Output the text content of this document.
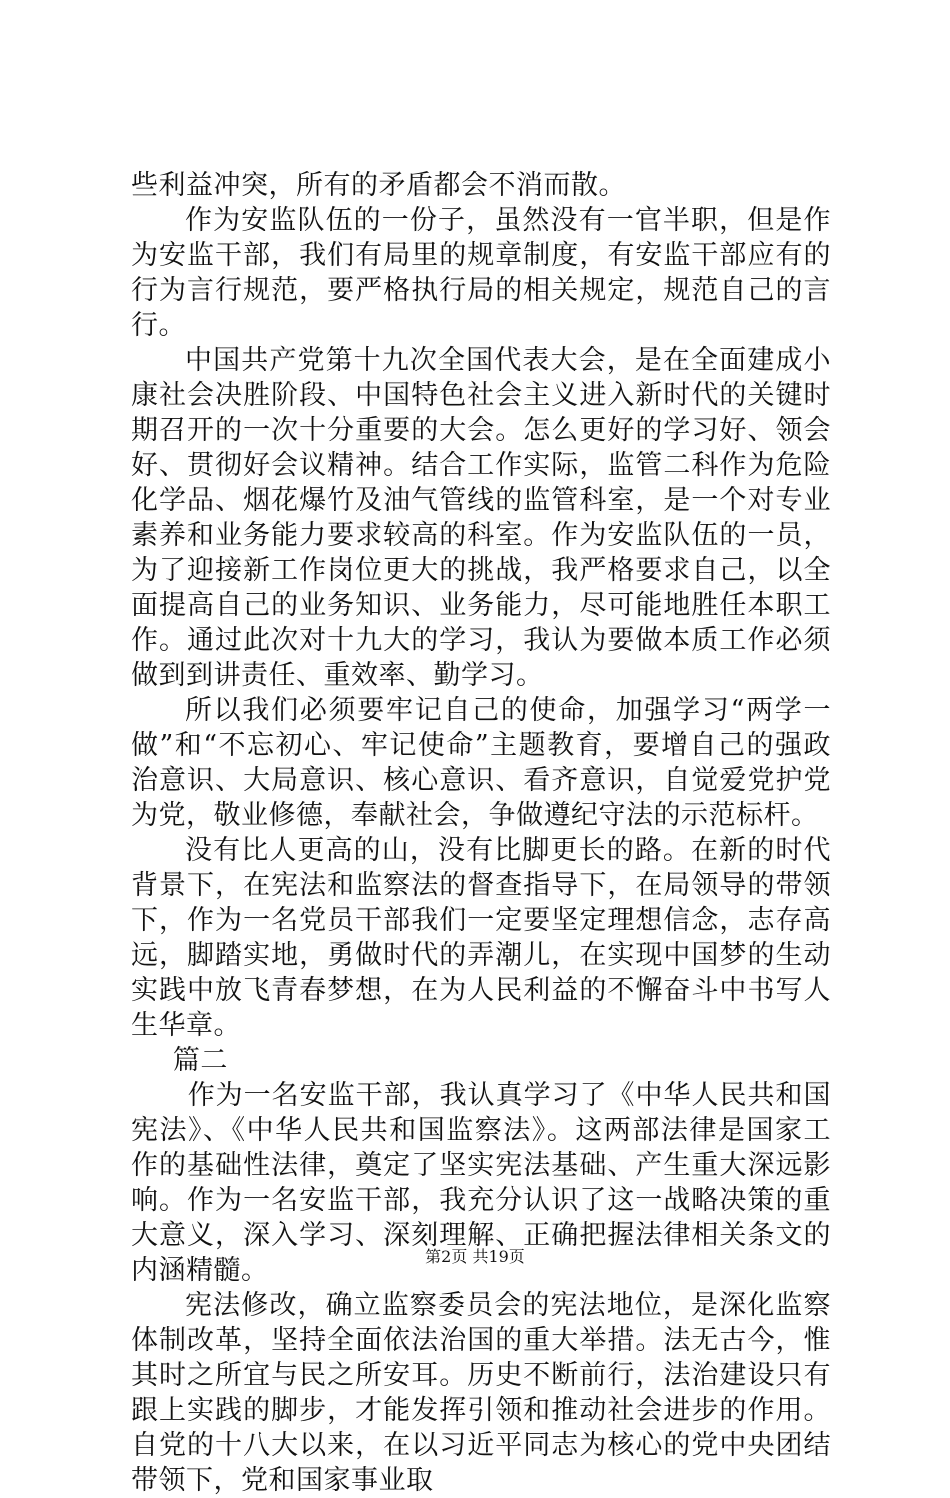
些利益冲突，所有的矛盾都会不消而散。

作为安监队伍的一份子，虽然没有一官半职，但是作为安监干部，我们有局里的规章制度，有安监干部应有的行为言行规范，要严格执行局的相关规定，规范自己的言行。

中国共产党第十九次全国代表大会，是在全面建成小康社会决胜阶段、中国特色社会主义进入新时代的关键时期召开的一次十分重要的大会。怎么更好的学习好、领会好、贯彻好会议精神。结合工作实际，监管二科作为危险化学品、烟花爆竹及油气管线的监管科室，是一个对专业素养和业务能力要求较高的科室。作为安监队伍的一员，为了迎接新工作岗位更大的挑战，我严格要求自己，以全面提高自己的业务知识、业务能力，尽可能地胜任本职工作。通过此次对十九大的学习，我认为要做本质工作必须做到到讲责任、重效率、勤学习。

所以我们必须要牢记自己的使命，加强学习“两学一做”和“不忘初心、牢记使命”主题教育，要增自己的强政治意识、大局意识、核心意识、看齐意识，自觉爱党护党为党，敬业修德，奉献社会，争做遵纪守法的示范标杆。

没有比人更高的山，没有比脚更长的路。在新的时代背景下，在宪法和监察法的督查指导下，在局领导的带领下，作为一名党员干部我们一定要坚定理想信念，志存高远，脚踏实地，勇做时代的弄潮儿，在实现中国梦的生动实践中放飞青春梦想，在为人民利益的不懈奋斗中书写人生华章。

篇二

作为一名安监干部，我认真学习了《中华人民共和国宪法》、《中华人民共和国监察法》。这两部法律是国家工作的基础性法律，奠定了坚实宪法基础、产生重大深远影响。作为一名安监干部，我充分认识了这一战略决策的重大意义，深入学习、深刻理解、正确把握法律相关条文的内涵精髓。

宪法修改，确立监察委员会的宪法地位，是深化监察体制改革，坚持全面依法治国的重大举措。法无古今，惟其时之所宜与民之所安耳。历史不断前行，法治建设只有跟上实践的脚步，才能发挥引领和推动社会进步的作用。自党的十八大以来，在以习近平同志为核心的党中央团结带领下，党和国家事业取

第2页 共19页
